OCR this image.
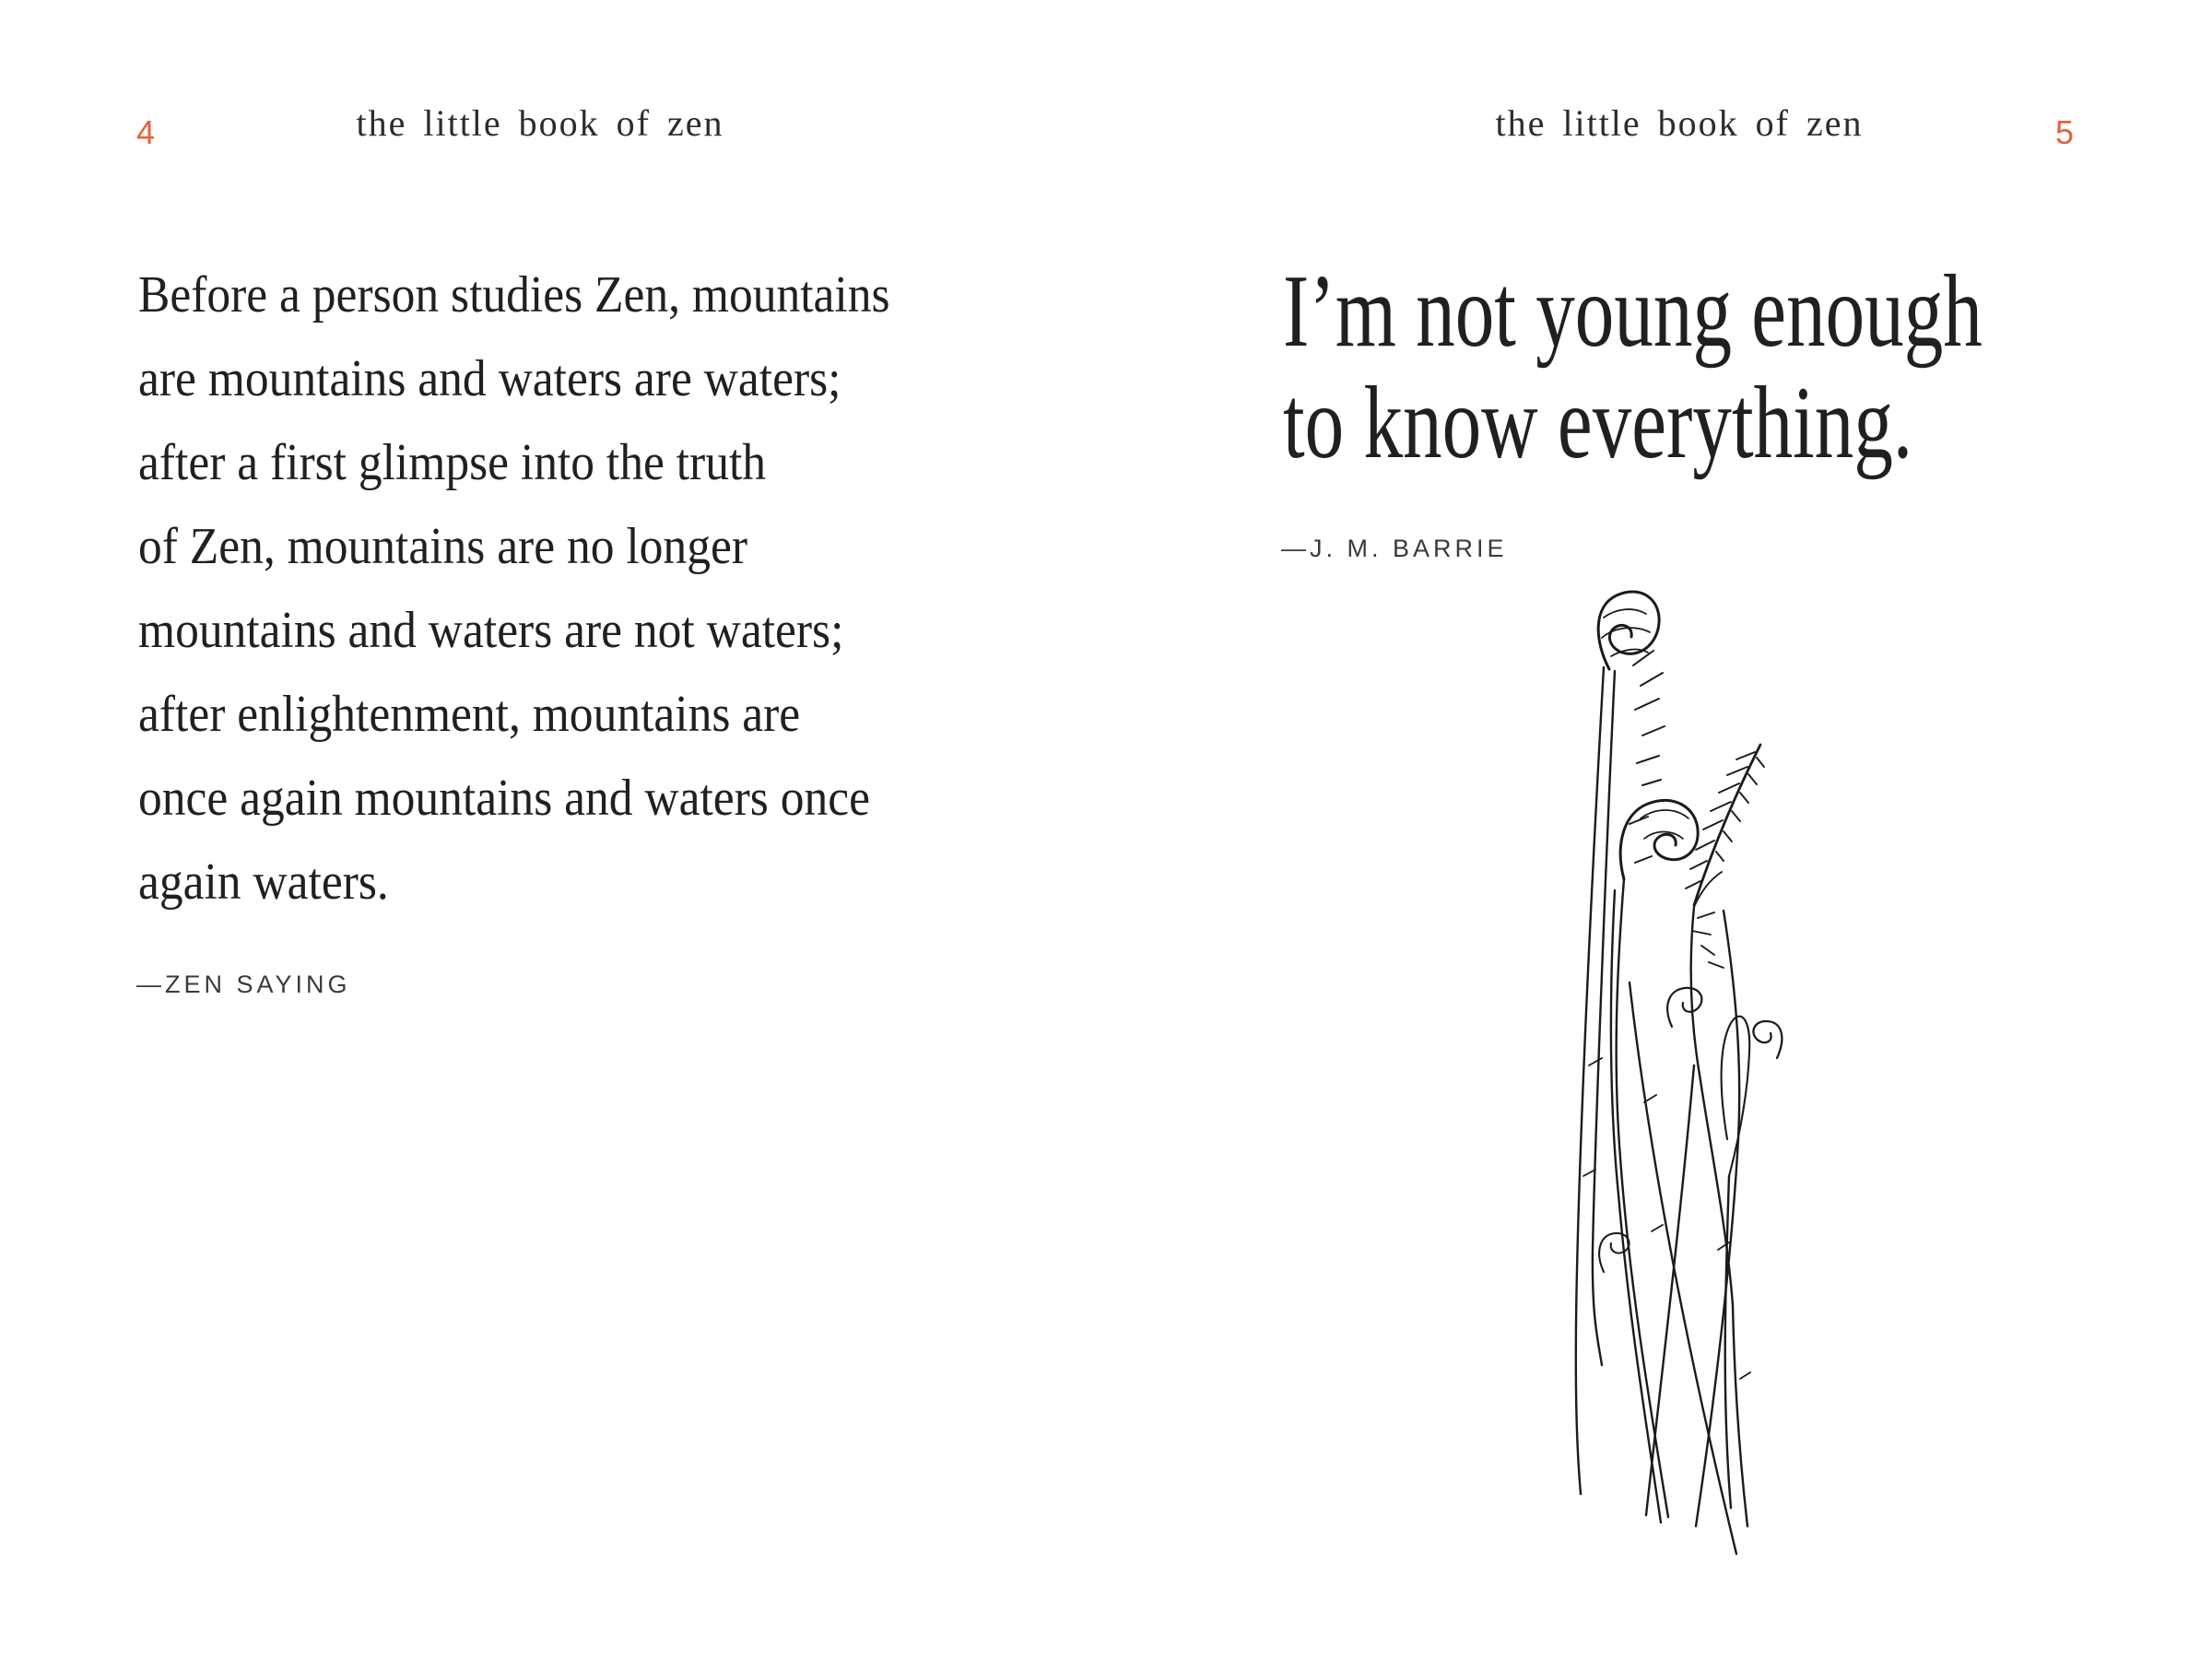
4	the little book of zen
Before a person studies Zen, mountains
are mountains and waters are waters;
after a first glimpse into the truth
of Zen, mountains are no longer
mountains and waters are not waters;
after enlightenment, mountains are
once again mountains and waters once
again waters.
—ZEN SAYING
the little book of zen	5
I’m not young enough
to know everything.
—J. M. BARRIE
